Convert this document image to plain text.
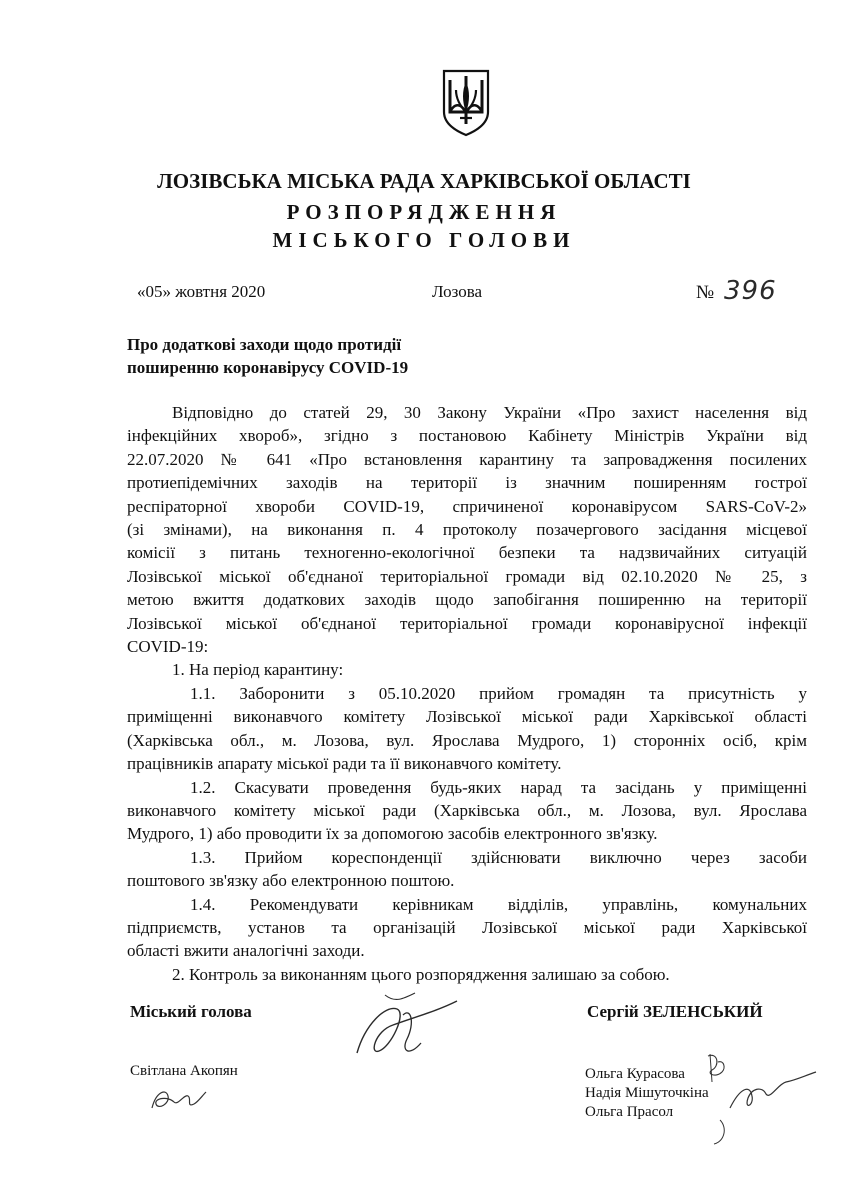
ЛОЗІВСЬКА МІСЬКА РАДА ХАРКІВСЬКОЇ ОБЛАСТІ
РОЗПОРЯДЖЕННЯ
МІСЬКОГО ГОЛОВИ
«05» жовтня 2020	Лозова	№ 396
Про додаткові заходи щодо протидії
поширенню коронавірусу COVID-19
Відповідно до статей 29, 30 Закону України «Про захист населення від
інфекційних хвороб», згідно з постановою Кабінету Міністрів України від
22.07.2020 № 641 «Про встановлення карантину та запровадження посилених
протиепідемічних заходів на території із значним поширенням гострої
респіраторної хвороби COVID-19, спричиненої коронавірусом SARS-CoV-2»
(зі змінами), на виконання п. 4 протоколу позачергового засідання місцевої
комісії з питань техногенно-екологічної безпеки та надзвичайних ситуацій
Лозівської міської об'єднаної територіальної громади від 02.10.2020 № 25, з
метою вжиття додаткових заходів щодо запобігання поширенню на території
Лозівської міської об'єднаної територіальної громади коронавірусної інфекції
COVID-19:
1. На період карантину:
1.1. Заборонити з 05.10.2020 прийом громадян та присутність у
приміщенні виконавчого комітету Лозівської міської ради Харківської області
(Харківська обл., м. Лозова, вул. Ярослава Мудрого, 1) сторонніх осіб, крім
працівників апарату міської ради та її виконавчого комітету.
1.2. Скасувати проведення будь-яких нарад та засідань у приміщенні
виконавчого комітету міської ради (Харківська обл., м. Лозова, вул. Ярослава
Мудрого, 1) або проводити їх за допомогою засобів електронного зв'язку.
1.3. Прийом кореспонденції здійснювати виключно через засоби
поштового зв'язку або електронною поштою.
1.4. Рекомендувати керівникам відділів, управлінь, комунальних
підприємств, установ та організацій Лозівської міської ради Харківської
області вжити аналогічні заходи.
2. Контроль за виконанням цього розпорядження залишаю за собою.
Міський голова	Сергій ЗЕЛЕНСЬКИЙ
Світлана Акопян	Ольга Курасова
Надія Мішуточкіна
Ольга Прасол
